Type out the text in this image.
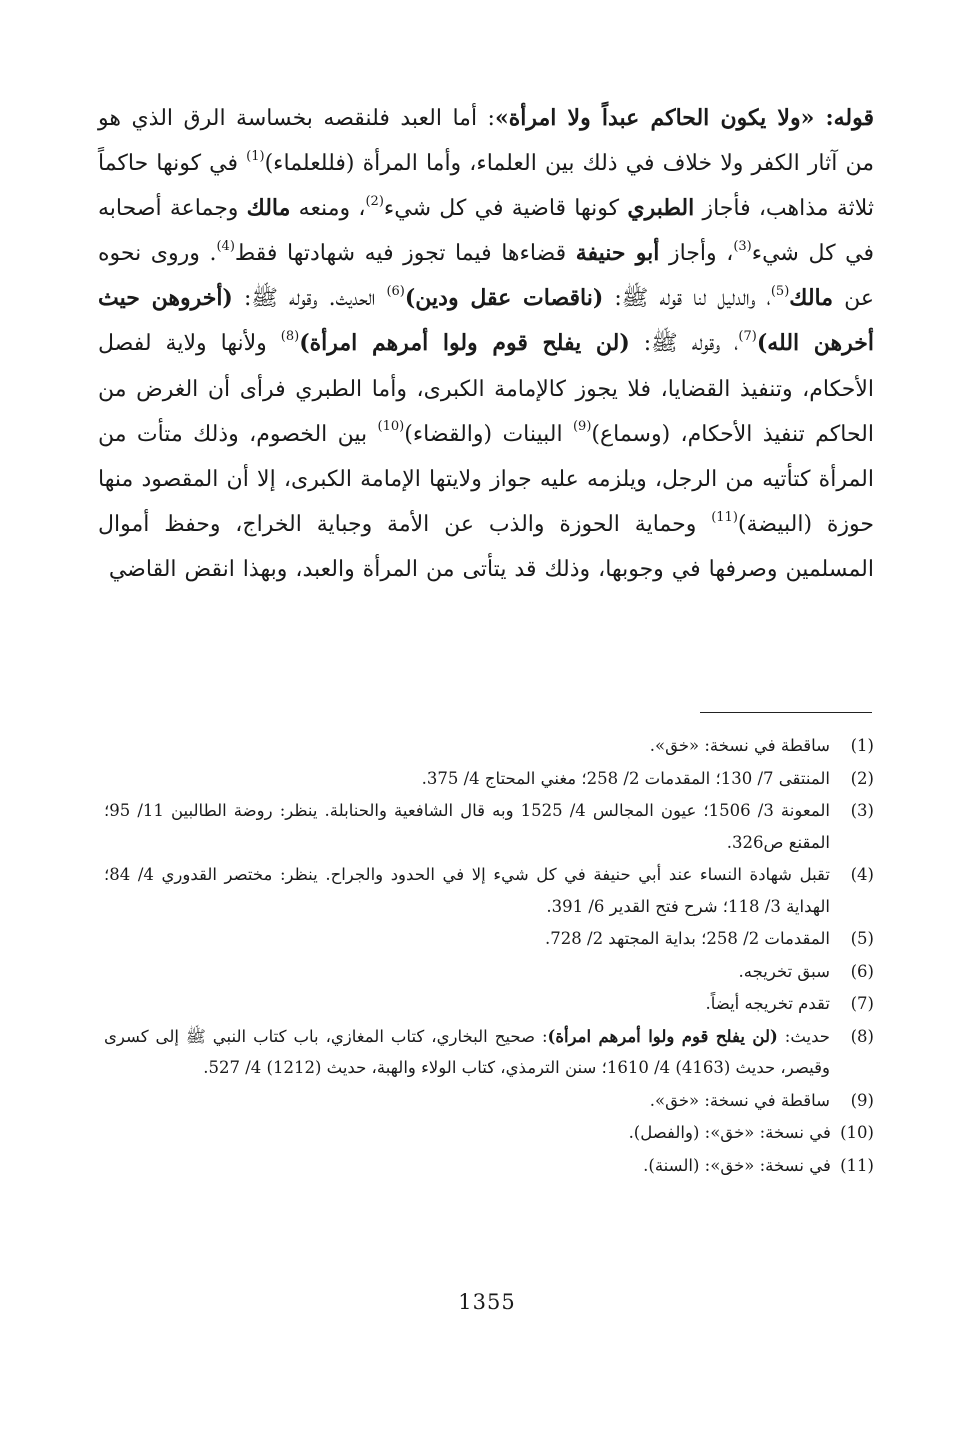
قوله: «ولا يكون الحاكم عبداً ولا امرأة»: أما العبد فلنقصه بخساسة الرق الذي هو من آثار الكفر ولا خلاف في ذلك بين العلماء، وأما المرأة (فللعلماء)$^{(1)}$ في كونها حاكماً ثلاثة مذاهب، فأجاز الطبري كونها قاضية في كل شيء$^{(2)}$، ومنعه مالك وجماعة أصحابه في كل شيء$^{(3)}$، وأجاز أبو حنيفة قضاءها فيما تجوز فيه شهادتها فقط$^{(4)}$. وروى نحوه عن مالك$^{(5)}$، والدليل لنا قوله ﷺ: (ناقصات عقل ودين)$^{(6)}$ الحديث. وقوله ﷺ: (أخروهن حيث أخرهن الله)$^{(7)}$، وقوله ﷺ: (لن يفلح قوم ولوا أمرهم امرأة)$^{(8)}$ ولأنها ولاية لفصل الأحكام، وتنفيذ القضايا، فلا يجوز كالإمامة الكبرى، وأما الطبري فرأى أن الغرض من الحاكم تنفيذ الأحكام، (وسماع)$^{(9)}$ البينات (والقضاء)$^{(10)}$ بين الخصوم، وذلك متأت من المرأة كتأتيه من الرجل، ويلزمه عليه جواز ولايتها الإمامة الكبرى، إلا أن المقصود منها حوزة (البيضة)$^{(11)}$ وحماية الحوزة والذب عن الأمة وجباية الخراج، وحفظ أموال المسلمين وصرفها في وجوبها، وذلك قد يتأتى من المرأة والعبد، وبهذا انقض القاضي

(1)
ساقطة في نسخة: «خق».
(2)
المنتقى 7/ 130؛ المقدمات 2/ 258؛ مغني المحتاج 4/ 375.
(3)
المعونة 3/ 1506؛ عيون المجالس 4/ 1525 وبه قال الشافعية والحنابلة. ينظر: روضة الطالبين 11/ 95؛ المقنع ص326.
(4)
تقبل شهادة النساء عند أبي حنيفة في كل شيء إلا في الحدود والجراح. ينظر: مختصر القدوري 4/ 84؛ الهداية 3/ 118؛ شرح فتح القدير 6/ 391.
(5)
المقدمات 2/ 258؛ بداية المجتهد 2/ 728.
(6)
سبق تخريجه.
(7)
تقدم تخريجه أيضاً.
(8)
حديث: (لن يفلح قوم ولوا أمرهم امرأة): صحيح البخاري، كتاب المغازي، باب كتاب النبي ﷺ إلى كسرى وقيصر، حديث (4163) 4/ 1610؛ سنن الترمذي، كتاب الولاء والهبة، حديث (1212) 4/ 527.
(9)
ساقطة في نسخة: «خق».
(10) في نسخة: «خق»: (والفصل).
(11) في نسخة: «خق»: (السنة).
1355
